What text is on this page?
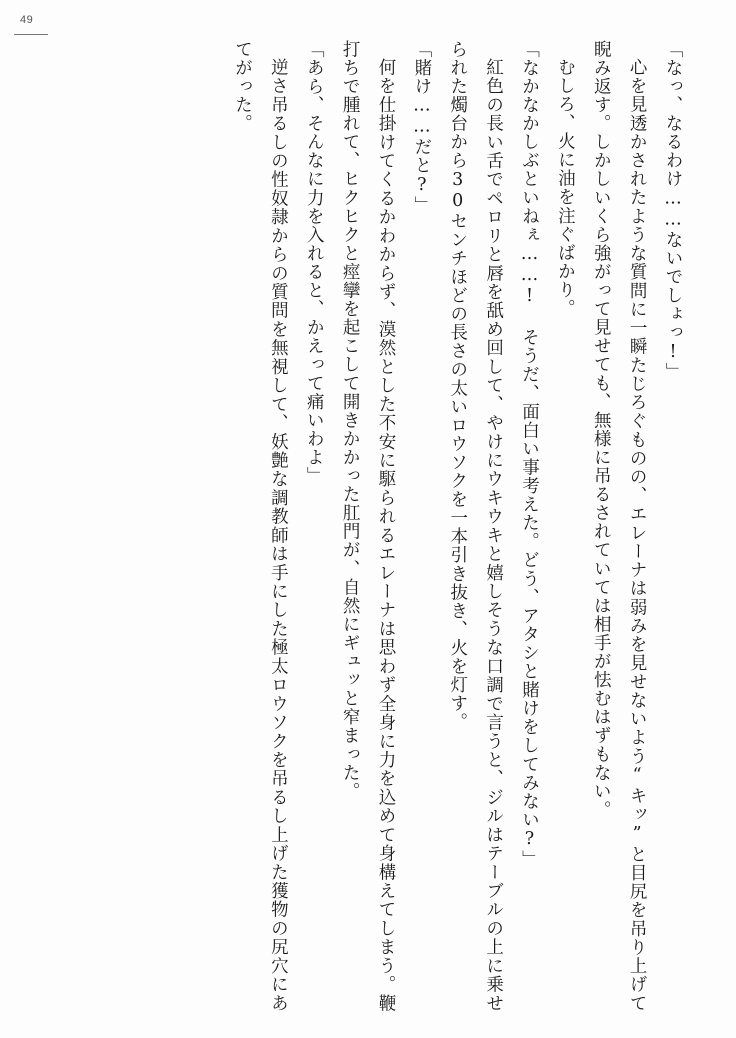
49

「なっ、なるわけ……ないでしょっ!」

心を見透かされたような質問に一瞬たじろぐものの、エレーナは弱みを見せないよう“キッ”と目尻を吊り上げて睨み返す。しかしいくら強がって見せても、無様に吊るされていては相手が怯むはずもない。

むしろ、火に油を注ぐばかり。

「なかなかしぶといねぇ……! そうだ、面白い事考えた。どう、アタシと賭けをしてみない?」

紅色の長い舌でペロリと唇を舐め回して、やけにウキウキと嬉しそうな口調で言うと、ジルはテーブルの上に乗せられた燭台から30センチほどの長さの太いロウソクを一本引き抜き、火を灯す。

「賭け……だと?」

何を仕掛けてくるかわからず、漠然とした不安に駆られるエレーナは思わず全身に力を込めて身構えてしまう。鞭打ちで腫れて、ヒクヒクと痙攣を起こして開きかかった肛門が、自然にギュッと窄まった。

「あら、そんなに力を入れると、かえって痛いわよ」

逆さ吊るしの性奴隷からの質問を無視して、妖艶な調教師は手にした極太ロウソクを吊るし上げた獲物の尻穴にあてがった。
